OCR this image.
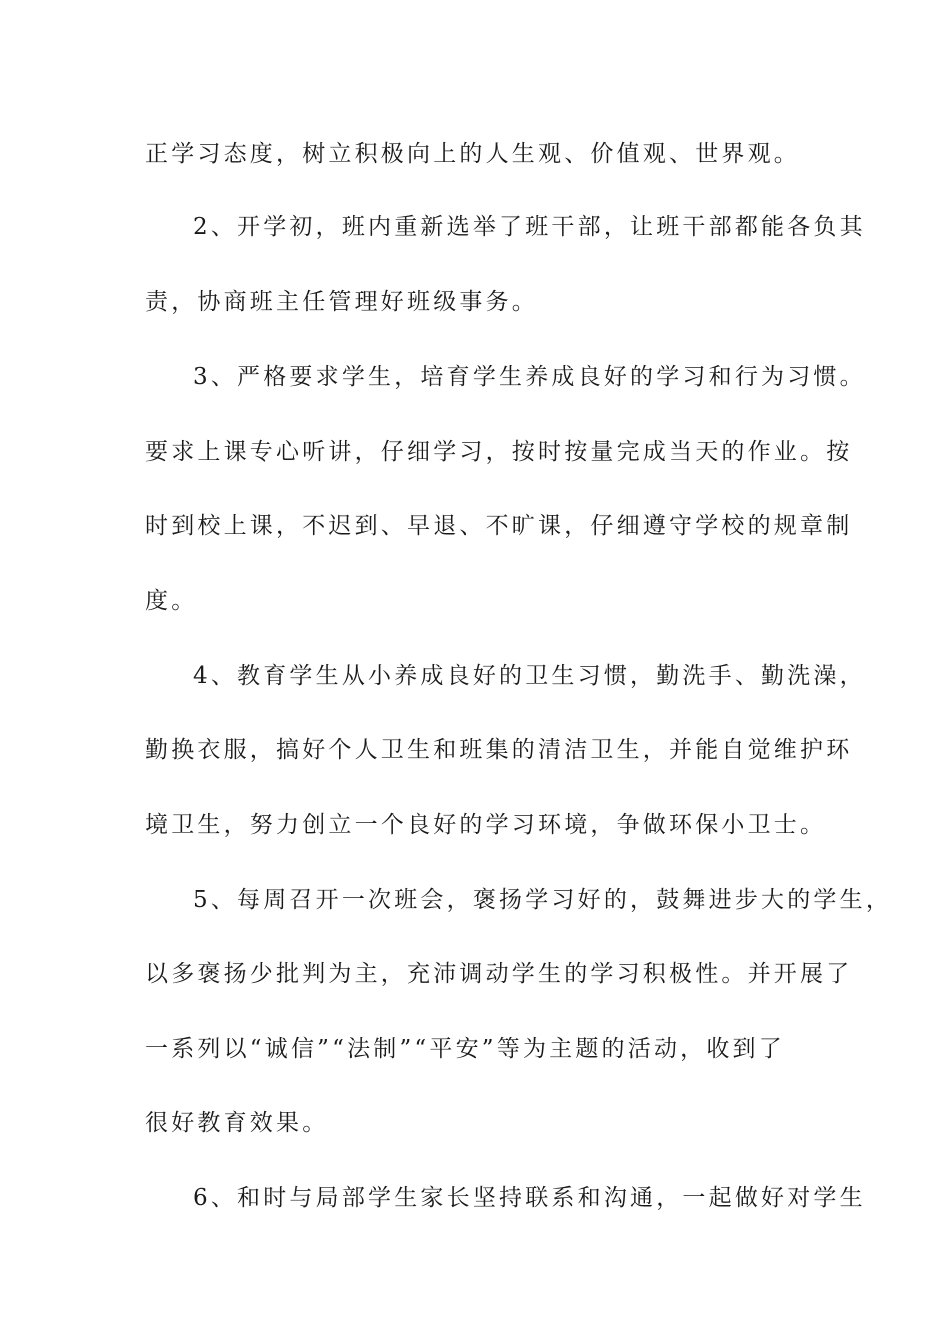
正学习态度，树立积极向上的人生观、价值观、世界观。
2、开学初，班内重新选举了班干部，让班干部都能各负其
责，协商班主任管理好班级事务。
3、严格要求学生，培育学生养成良好的学习和行为习惯。
要求上课专心听讲，仔细学习，按时按量完成当天的作业。按
时到校上课，不迟到、早退、不旷课，仔细遵守学校的规章制
度。
4、教育学生从小养成良好的卫生习惯，勤洗手、勤洗澡，
勤换衣服，搞好个人卫生和班集的清洁卫生，并能自觉维护环
境卫生，努力创立一个良好的学习环境，争做环保小卫士。
5、每周召开一次班会，褒扬学习好的，鼓舞进步大的学生，
以多褒扬少批判为主，充沛调动学生的学习积极性。并开展了
一系列以“诚信”“法制”“平安”等为主题的活动，收到了
很好教育效果。
6、和时与局部学生家长坚持联系和沟通，一起做好对学生
